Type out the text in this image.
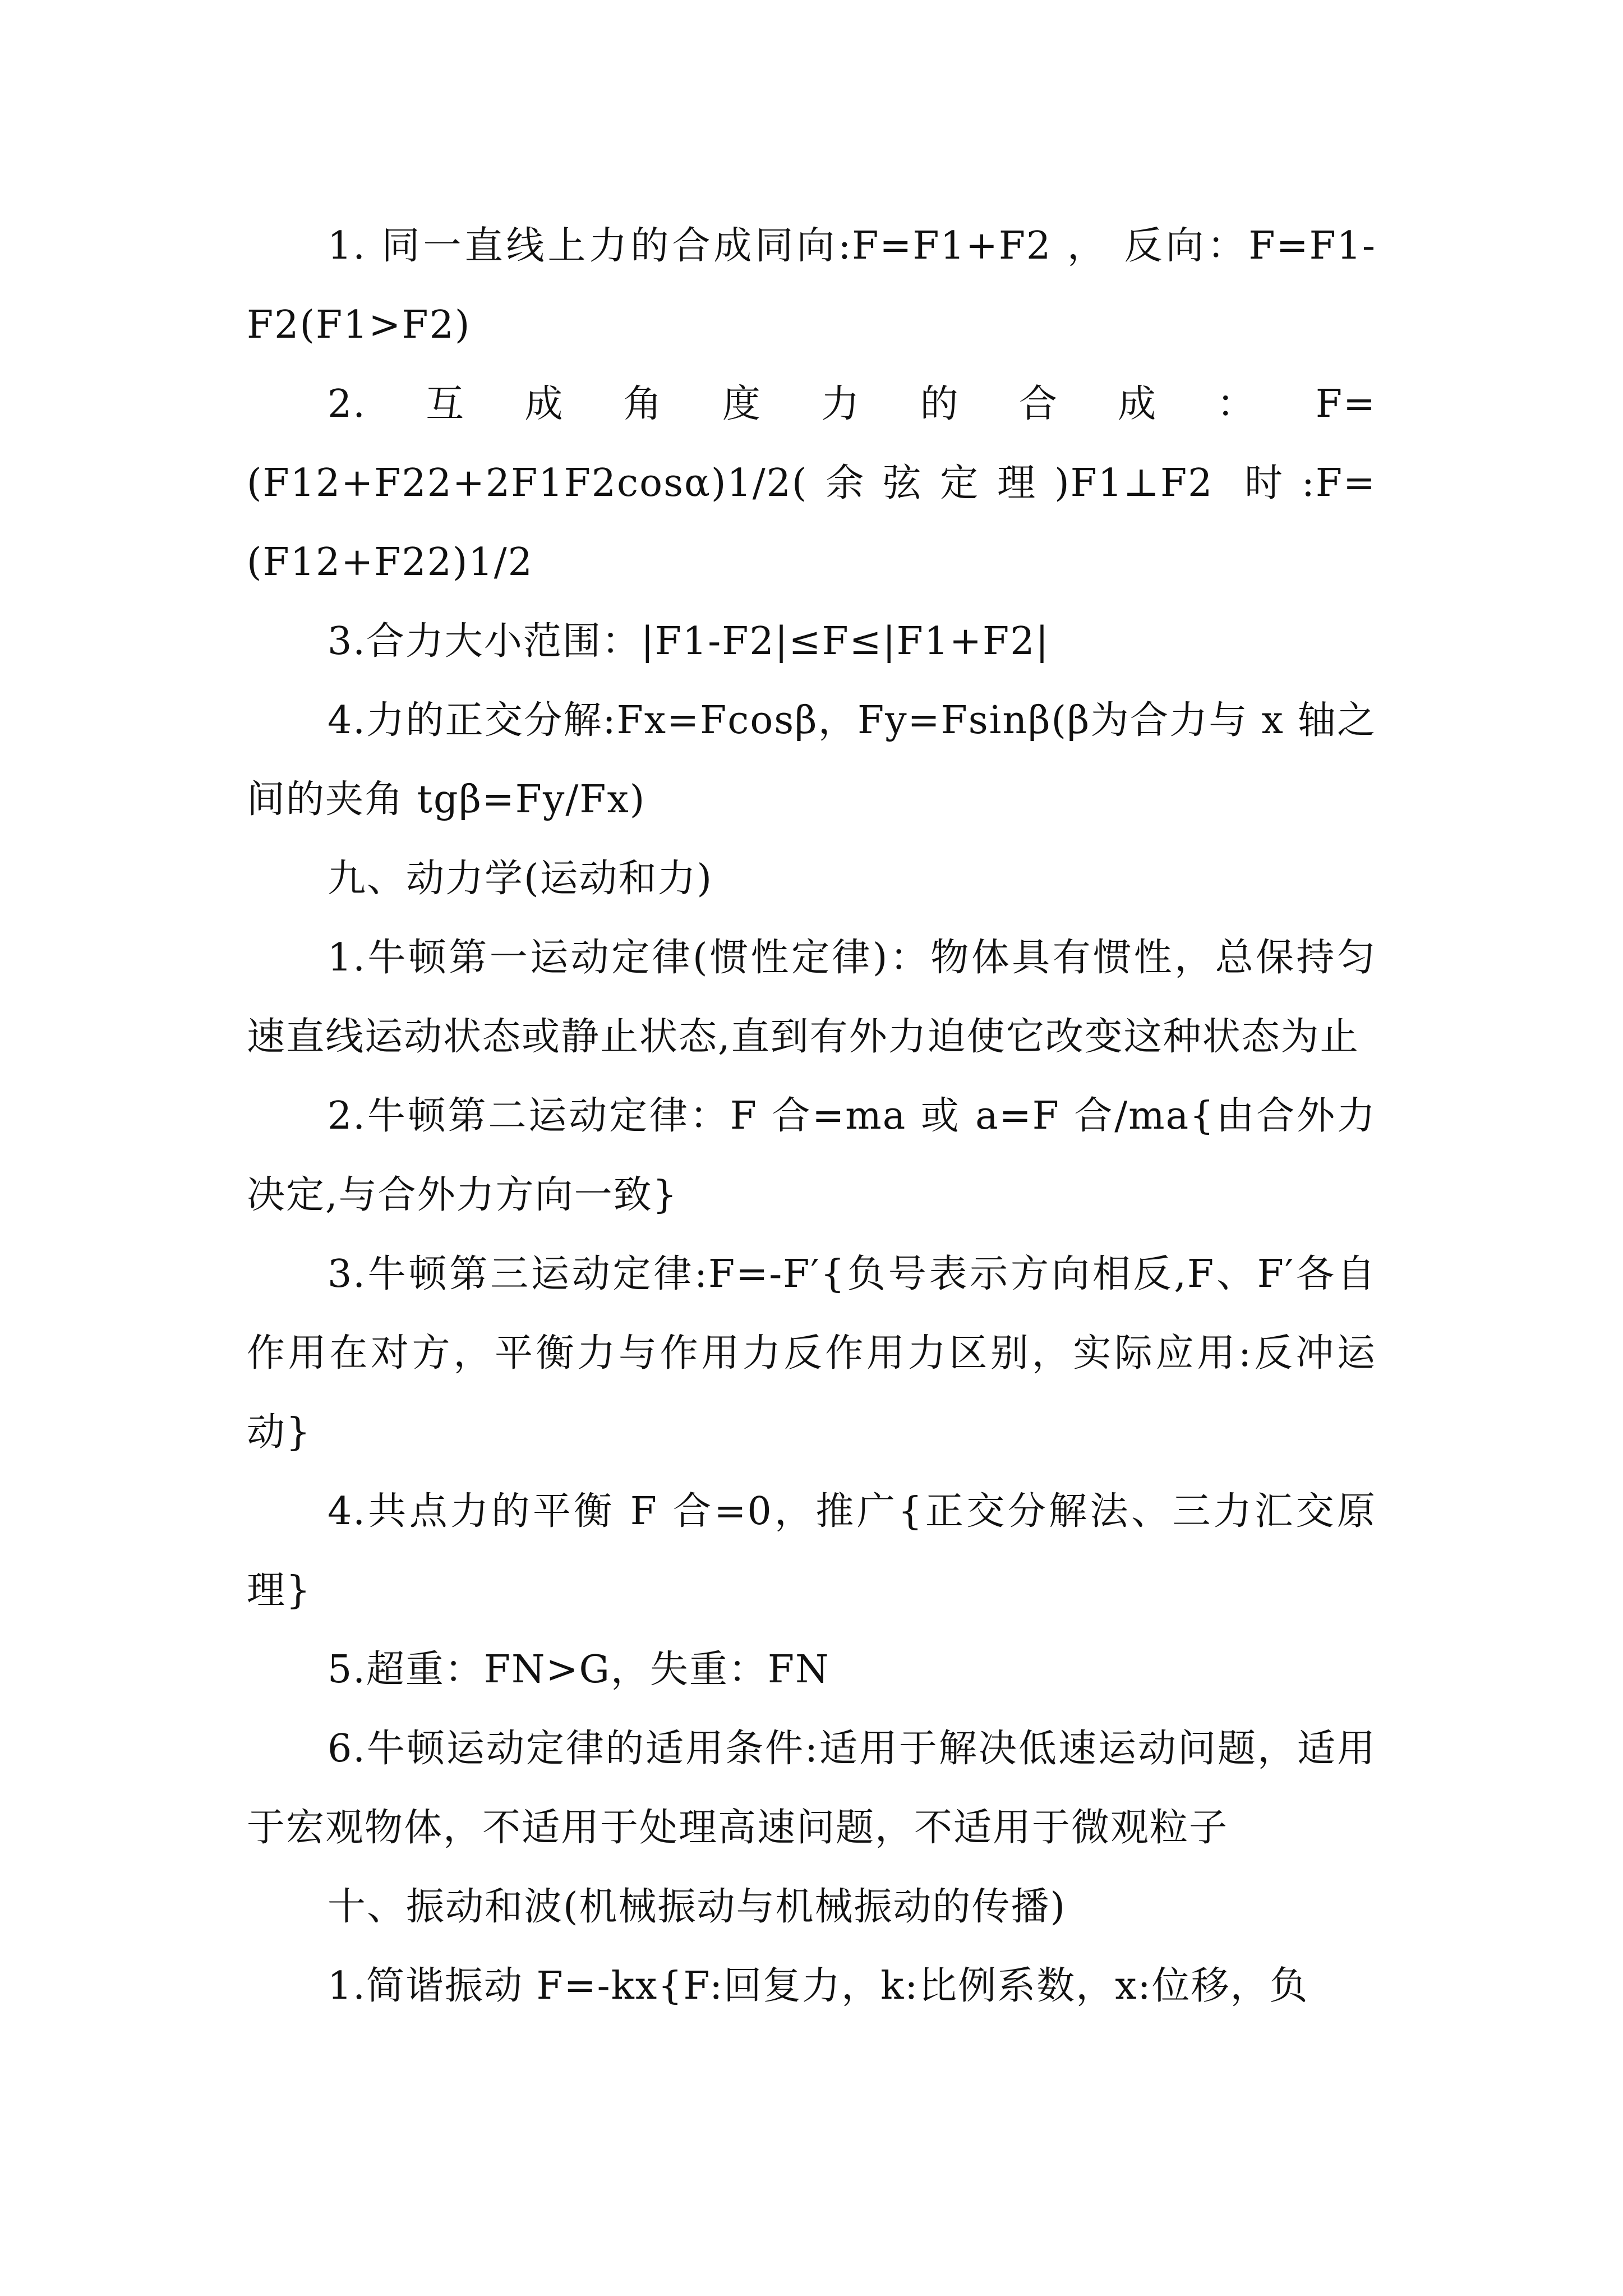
1. 同一直线上力的合成同向:F=F1+F2 ， 反向：F=F1-F2(F1>F2)

2.互成角度力的合成：F=(F12+F22+2F1F2cosα)1/2(余弦定理)F1⊥F2 时:F=(F12+F22)1/2

3.合力大小范围：|F1-F2|≤F≤|F1+F2|

4.力的正交分解:Fx=Fcosβ，Fy=Fsinβ(β为合力与 x 轴之间的夹角 tgβ=Fy/Fx)

九、动力学(运动和力)

1.牛顿第一运动定律(惯性定律)：物体具有惯性，总保持匀速直线运动状态或静止状态,直到有外力迫使它改变这种状态为止

2.牛顿第二运动定律：F 合=ma 或 a=F 合/ma{由合外力决定,与合外力方向一致}

3.牛顿第三运动定律:F=-F′{负号表示方向相反,F、F′各自作用在对方，平衡力与作用力反作用力区别，实际应用:反冲运动}

4.共点力的平衡 F 合=0，推广{正交分解法、三力汇交原理}

5.超重：FN>G，失重：FN

6.牛顿运动定律的适用条件:适用于解决低速运动问题，适用于宏观物体，不适用于处理高速问题，不适用于微观粒子

十、振动和波(机械振动与机械振动的传播)

1.简谐振动 F=-kx{F:回复力，k:比例系数，x:位移，负
